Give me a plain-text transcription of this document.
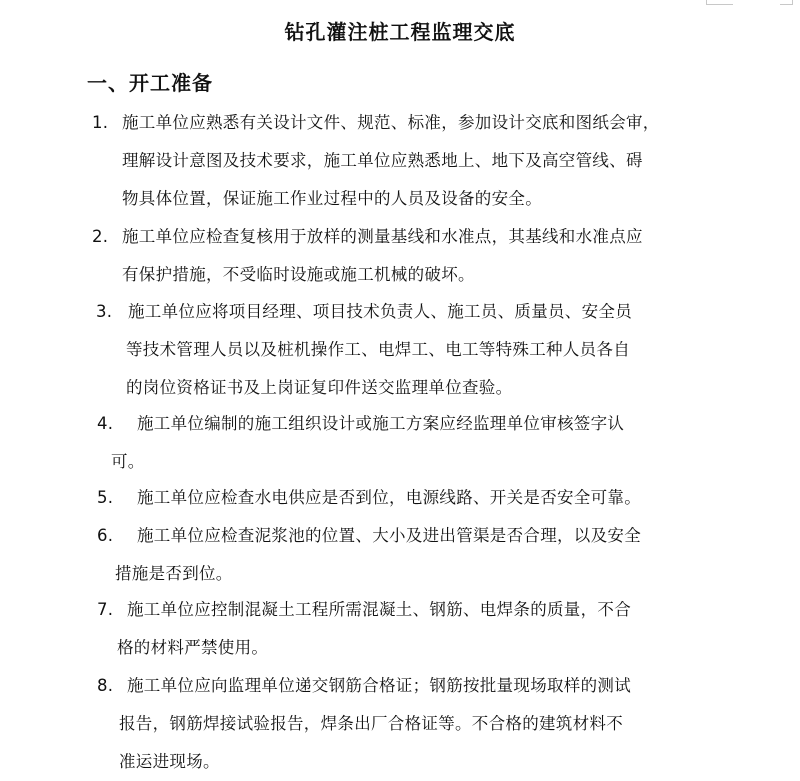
钻孔灌注桩工程监理交底
一、开工准备
1. 施工单位应熟悉有关设计文件、规范、标准，参加设计交底和图纸会审，
理解设计意图及技术要求，施工单位应熟悉地上、地下及高空管线、碍
物具体位置，保证施工作业过程中的人员及设备的安全。
2. 施工单位应检查复核用于放样的测量基线和水准点，其基线和水准点应
有保护措施，不受临时设施或施工机械的破坏。
3. 施工单位应将项目经理、项目技术负责人、施工员、质量员、安全员
等技术管理人员以及桩机操作工、电焊工、电工等特殊工种人员各自
的岗位资格证书及上岗证复印件送交监理单位查验。
4. 施工单位编制的施工组织设计或施工方案应经监理单位审核签字认
可。
5. 施工单位应检查水电供应是否到位，电源线路、开关是否安全可靠。
6. 施工单位应检查泥浆池的位置、大小及进出管渠是否合理，以及安全
措施是否到位。
7. 施工单位应控制混凝土工程所需混凝土、钢筋、电焊条的质量，不合
格的材料严禁使用。
8. 施工单位应向监理单位递交钢筋合格证；钢筋按批量现场取样的测试
报告，钢筋焊接试验报告，焊条出厂合格证等。不合格的建筑材料不
准运进现场。
